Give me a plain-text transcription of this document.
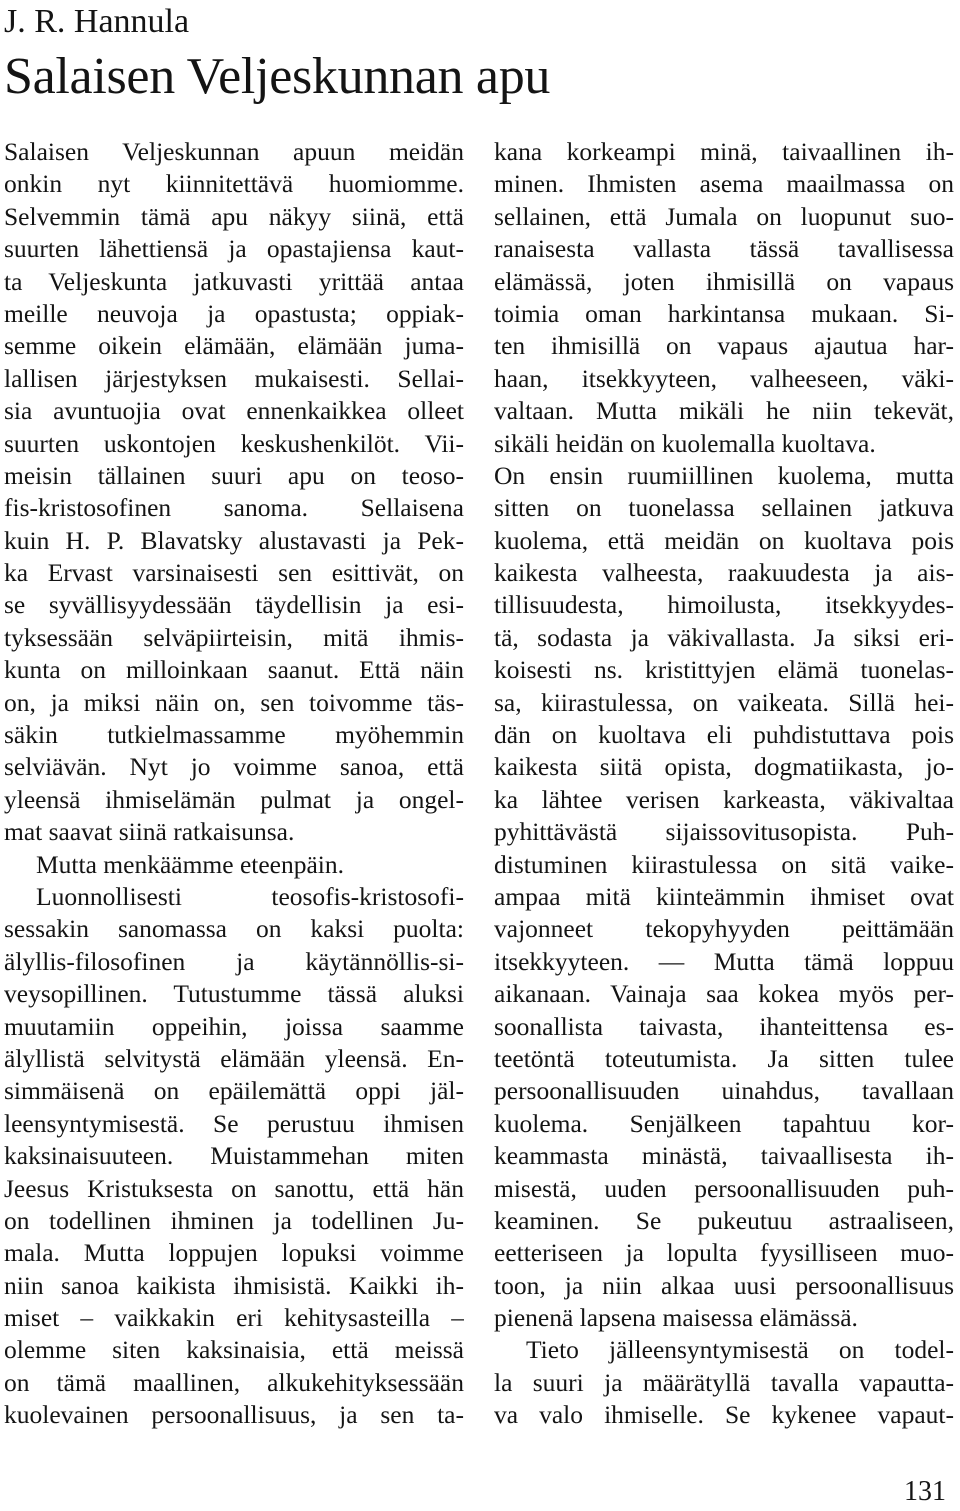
J. R. Hannula
Salaisen Veljeskunnan apu
Salaisen Veljeskunnan apuun meidän
onkin nyt kiinnitettävä huomiomme.
Selvemmin tämä apu näkyy siinä, että
suurten lähettiensä ja opastajiensa kaut-
ta Veljeskunta jatkuvasti yrittää antaa
meille neuvoja ja opastusta; oppiak-
semme oikein elämään, elämään juma-
lallisen järjestyksen mukaisesti. Sellai-
sia avuntuojia ovat ennenkaikkea olleet
suurten uskontojen keskushenkilöt. Vii-
meisin tällainen suuri apu on teoso-
fis-kristosofinen sanoma. Sellaisena
kuin H. P. Blavatsky alustavasti ja Pek-
ka Ervast varsinaisesti sen esittivät, on
se syvällisyydessään täydellisin ja esi-
tyksessään selväpiirteisin, mitä ihmis-
kunta on milloinkaan saanut. Että näin
on, ja miksi näin on, sen toivomme täs-
säkin tutkielmassamme myöhemmin
selviävän. Nyt jo voimme sanoa, että
yleensä ihmiselämän pulmat ja ongel-
mat saavat siinä ratkaisunsa.
Mutta menkäämme eteenpäin.
Luonnollisesti teosofis-kristosofi-
sessakin sanomassa on kaksi puolta:
älyllis-filosofinen ja käytännöllis-si-
veysopillinen. Tutustumme tässä aluksi
muutamiin oppeihin, joissa saamme
älyllistä selvitystä elämään yleensä. En-
simmäisenä on epäilemättä oppi jäl-
leensyntymisestä. Se perustuu ihmisen
kaksinaisuuteen. Muistammehan miten
Jeesus Kristuksesta on sanottu, että hän
on todellinen ihminen ja todellinen Ju-
mala. Mutta loppujen lopuksi voimme
niin sanoa kaikista ihmisistä. Kaikki ih-
miset – vaikkakin eri kehitysasteilla –
olemme siten kaksinaisia, että meissä
on tämä maallinen, alkukehityksessään
kuolevainen persoonallisuus, ja sen ta-
kana korkeampi minä, taivaallinen ih-
minen. Ihmisten asema maailmassa on
sellainen, että Jumala on luopunut suo-
ranaisesta vallasta tässä tavallisessa
elämässä, joten ihmisillä on vapaus
toimia oman harkintansa mukaan. Si-
ten ihmisillä on vapaus ajautua har-
haan, itsekkyyteen, valheeseen, väki-
valtaan. Mutta mikäli he niin tekevät,
sikäli heidän on kuolemalla kuoltava.
On ensin ruumiillinen kuolema, mutta
sitten on tuonelassa sellainen jatkuva
kuolema, että meidän on kuoltava pois
kaikesta valheesta, raakuudesta ja ais-
tillisuudesta, himoilusta, itsekkyydes-
tä, sodasta ja väkivallasta. Ja siksi eri-
koisesti ns. kristittyjen elämä tuonelas-
sa, kiirastulessa, on vaikeata. Sillä hei-
dän on kuoltava eli puhdistuttava pois
kaikesta siitä opista, dogmatiikasta, jo-
ka lähtee verisen karkeasta, väkivaltaa
pyhittävästä sijaissovitusopista. Puh-
distuminen kiirastulessa on sitä vaike-
ampaa mitä kiinteämmin ihmiset ovat
vajonneet tekopyhyyden peittämään
itsekkyyteen. — Mutta tämä loppuu
aikanaan. Vainaja saa kokea myös per-
soonallista taivasta, ihanteittensa es-
teetöntä toteutumista. Ja sitten tulee
persoonallisuuden uinahdus, tavallaan
kuolema. Senjälkeen tapahtuu kor-
keammasta minästä, taivaallisesta ih-
misestä, uuden persoonallisuuden puh-
keaminen. Se pukeutuu astraaliseen,
eetteriseen ja lopulta fyysilliseen muo-
toon, ja niin alkaa uusi persoonallisuus
pienenä lapsena maisessa elämässä.
Tieto jälleensyntymisestä on todel-
la suuri ja määrätyllä tavalla vapautta-
va valo ihmiselle. Se kykenee vapaut-
131
